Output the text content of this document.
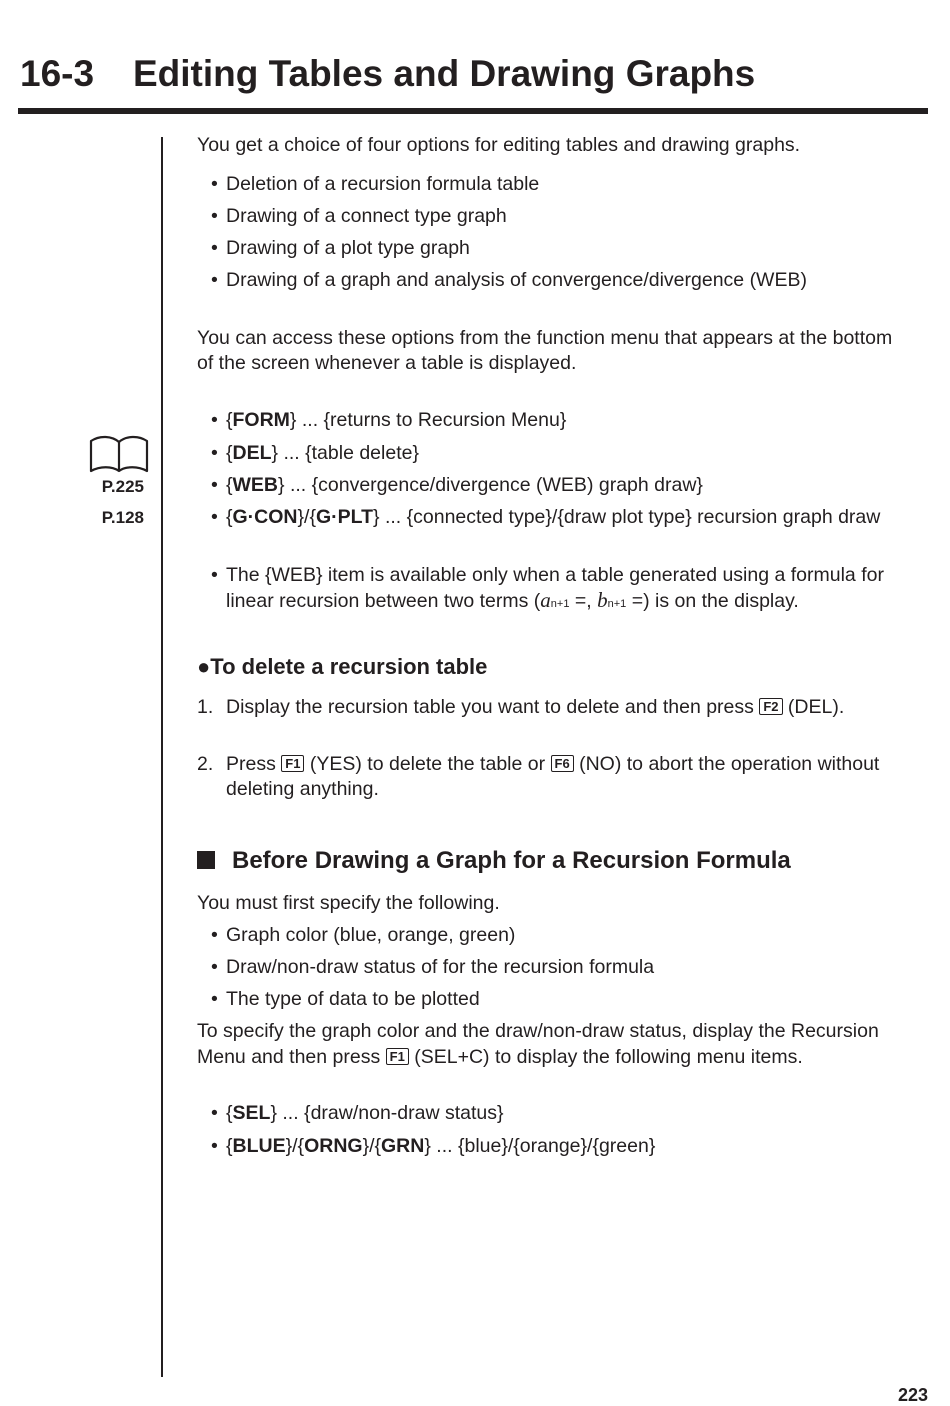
16-3 Editing Tables and Drawing Graphs
P.225
P.128

You get a choice of four options for editing tables and drawing graphs.

• Deletion of a recursion formula table

• Drawing of a connect type graph

• Drawing of a plot type graph

• Drawing of a graph and analysis of convergence/divergence (WEB)

You can access these options from the function menu that appears at the bottom

of the screen whenever a table is displayed.

• {FORM} ... {returns to Recursion Menu}

• {DEL} ... {table delete}

• {WEB} ... {convergence/divergence (WEB) graph draw}

• {G·CON}/{G·PLT} ... {connected type}/{draw plot type} recursion graph draw

• The {WEB} item is available only when a table generated using a formula for

linear recursion between two terms (an+1 =, bn+1 =) is on the display.

●To delete a recursion table
1. Display the recursion table you want to delete and then press F2 (DEL).

2. Press F1 (YES) to delete the table or F6 (NO) to abort the operation without

deleting anything.

Before Drawing a Graph for a Recursion Formula

You must first specify the following.

• Graph color (blue, orange, green)

• Draw/non-draw status of for the recursion formula

• The type of data to be plotted

To specify the graph color and the draw/non-draw status, display the Recursion

Menu and then press F1 (SEL+C) to display the following menu items.

• {SEL} ... {draw/non-draw status}

• {BLUE}/{ORNG}/{GRN} ... {blue}/{orange}/{green}

223
